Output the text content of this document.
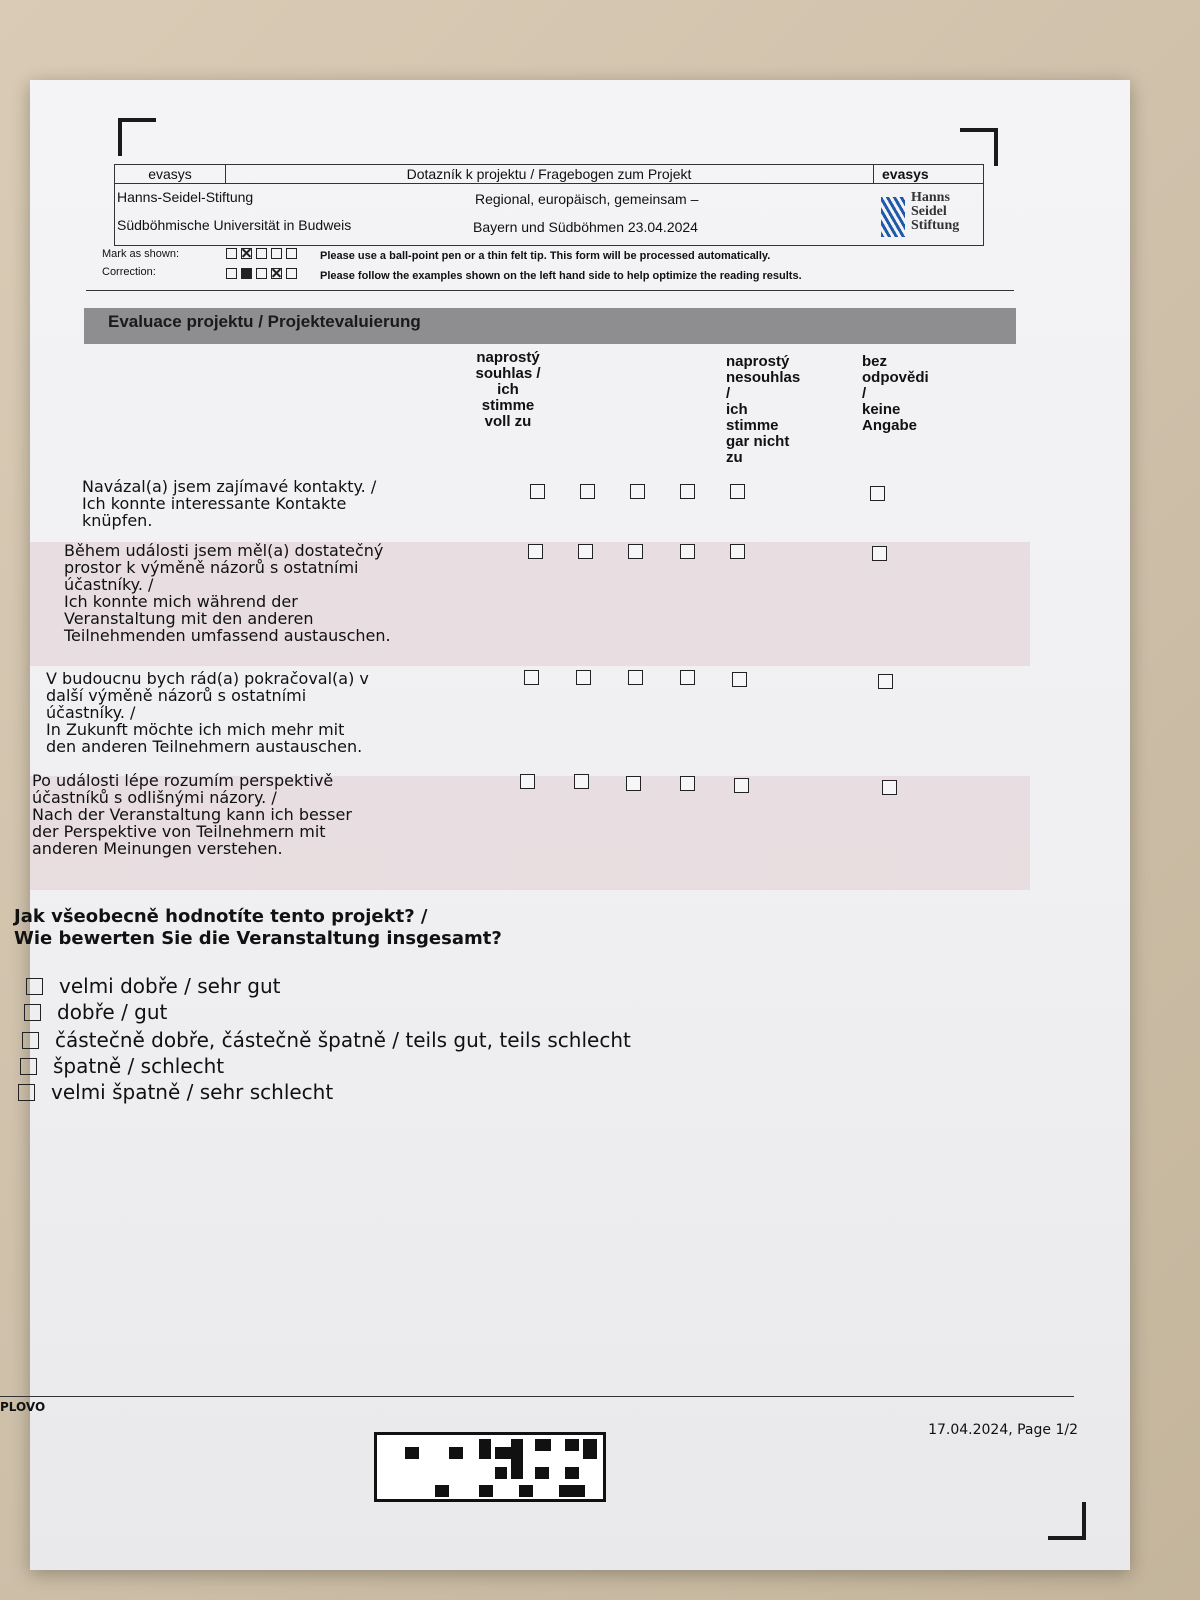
evasys	Dotazník k projektu / Fragebogen zum Projekt	evasys
Hanns-Seidel-Stiftung
Südböhmische Universität in Budweis
Regional, europäisch, gemeinsam –
Bayern und Südböhmen 23.04.2024
Hanns
Seidel
Stiftung
Mark as shown:
Correction:
Please use a ball-point pen or a thin felt tip. This form will be processed automatically.
Please follow the examples shown on the left hand side to help optimize the reading results.
Evaluace projektu / Projektevaluierung
naprostý
souhlas /
ich
stimme
voll zu
naprostý
nesouhlas
/
ich
stimme
gar nicht
zu
bez
odpovědi
/
keine
Angabe
Navázal(a) jsem zajímavé kontakty. /
Ich konnte interessante Kontakte
knüpfen.
Během události jsem měl(a) dostatečný
prostor k výměně názorů s ostatními
účastníky. /
Ich konnte mich während der
Veranstaltung mit den anderen
Teilnehmenden umfassend austauschen.
V budoucnu bych rád(a) pokračoval(a) v
další výměně názorů s ostatními
účastníky. /
In Zukunft möchte ich mich mehr mit
den anderen Teilnehmern austauschen.
Po události lépe rozumím perspektivě
účastníků s odlišnými názory. /
Nach der Veranstaltung kann ich besser
der Perspektive von Teilnehmern mit
anderen Meinungen verstehen.
Jak všeobecně hodnotíte tento projekt? /
Wie bewerten Sie die Veranstaltung insgesamt?
velmi dobře / sehr gut
dobře / gut
částečně dobře, částečně špatně / teils gut, teils schlecht
špatně / schlecht
velmi špatně / sehr schlecht
PLOVO
17.04.2024, Page 1/2
